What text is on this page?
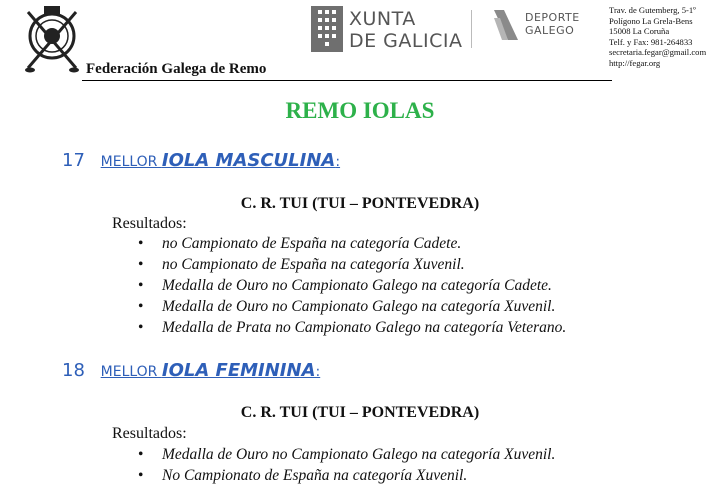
Federación Galega de Remo
XUNTA
DE GALICIA
DEPORTE
GALEGO
Trav. de Gutemberg, 5-1º
Polígono La Grela-Bens
15008 La Coruña
Telf. y Fax: 981-264833
secretaria.fegar@gmail.com
http://fegar.org
REMO IOLAS
17 MELLOR IOLA MASCULINA:
C. R. TUI (TUI – PONTEVEDRA)
Resultados:
• no Campionato de España na categoría Cadete.
• no Campionato de España na categoría Xuvenil.
• Medalla de Ouro no Campionato Galego na categoría Cadete.
• Medalla de Ouro no Campionato Galego na categoría Xuvenil.
• Medalla de Prata no Campionato Galego na categoría Veterano.
18 MELLOR IOLA FEMININA:
C. R. TUI (TUI – PONTEVEDRA)
Resultados:
• Medalla de Ouro no Campionato Galego na categoría Xuvenil.
• No Campionato de España na categoría Xuvenil.
